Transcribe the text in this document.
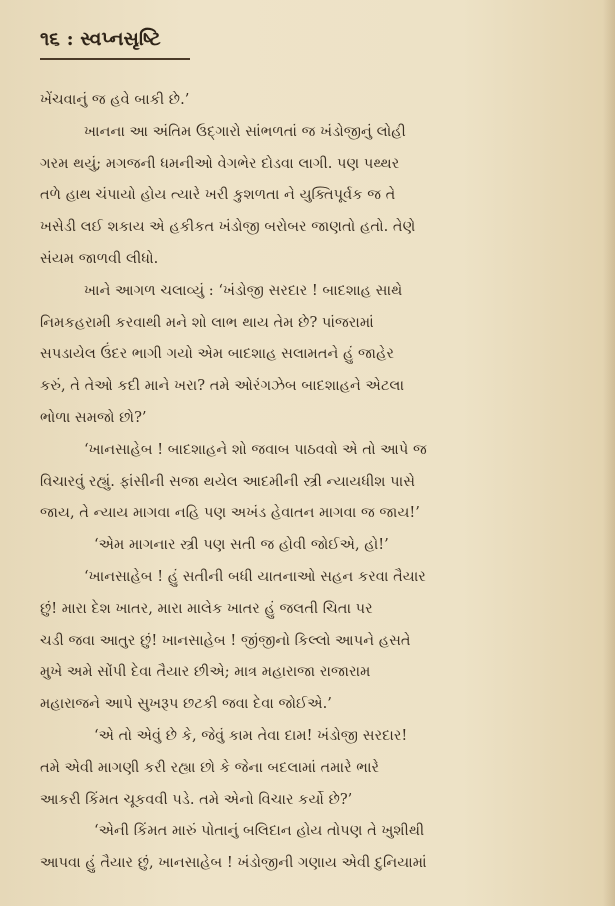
૧૬ : સ્વપ્નસૃષ્ટિ
ખેંચવાનું જ હવે બાકી છે.’
ખાનના આ અંતિમ ઉદ્ગારો સાંભળતાં જ ખંડોજીનું લોહી
ગરમ થયું; મગજની ધમનીઓ વેગભેર દોડવા લાગી. પણ પથ્થર
તળે હાથ ચંપાયો હોય ત્યારે ખરી કુશળતા ને યુક્તિપૂર્વક જ તે
ખસેડી લઈ શકાય એ હકીકત ખંડોજી બરોબર જાણતો હતો. તેણે
સંયમ જાળવી લીધો.
ખાને આગળ ચલાવ્યું : ‘ખંડોજી સરદાર ! બાદશાહ સાથે
નિમકહરામી કરવાથી મને શો લાભ થાય તેમ છે? પાંજરામાં
સપડાયેલ ઉંદર ભાગી ગયો એમ બાદશાહ સલામતને હું જાહેર
કરું, તે તેઓ કદી માને ખરા? તમે ઓરંગઝેબ બાદશાહને એટલા
ભોળા સમજો છો?’
‘ખાનસાહેબ ! બાદશાહને શો જવાબ પાઠવવો એ તો આપે જ
વિચારવું રહ્યું. ફાંસીની સજા થયેલ આદમીની સ્ત્રી ન્યાયધીશ પાસે
જાય, તે ન્યાય માગવા નહિ પણ અખંડ હેવાતન માગવા જ જાય!’
‘એમ માગનાર સ્ત્રી પણ સતી જ હોવી જોઈએ, હો!’
‘ખાનસાહેબ ! હું સતીની બધી યાતનાઓ સહન કરવા તૈયાર
છું! મારા દેશ ખાતર, મારા માલેક ખાતર હું જલતી ચિતા પર
ચડી જવા આતુર છું! ખાનસાહેબ ! જીંજીનો કિલ્લો આપને હસતે
મુખે અમે સોંપી દેવા તૈયાર છીએ; માત્ર મહારાજા રાજારામ
મહારાજને આપે સુખરૂપ છટકી જવા દેવા જોઈએ.’
‘એ તો એવું છે કે, જેવું કામ તેવા દામ! ખંડોજી સરદાર!
તમે એવી માગણી કરી રહ્યા છો કે જેના બદલામાં તમારે ભારે
આકરી કિંમત ચૂકવવી પડે. તમે એનો વિચાર કર્યો છે?’
‘એની કિંમત મારું પોતાનું બલિદાન હોય તોપણ તે ખુશીથી
આપવા હું તૈયાર છું, ખાનસાહેબ ! ખંડોજીની ગણાય એવી દુનિયામાં
